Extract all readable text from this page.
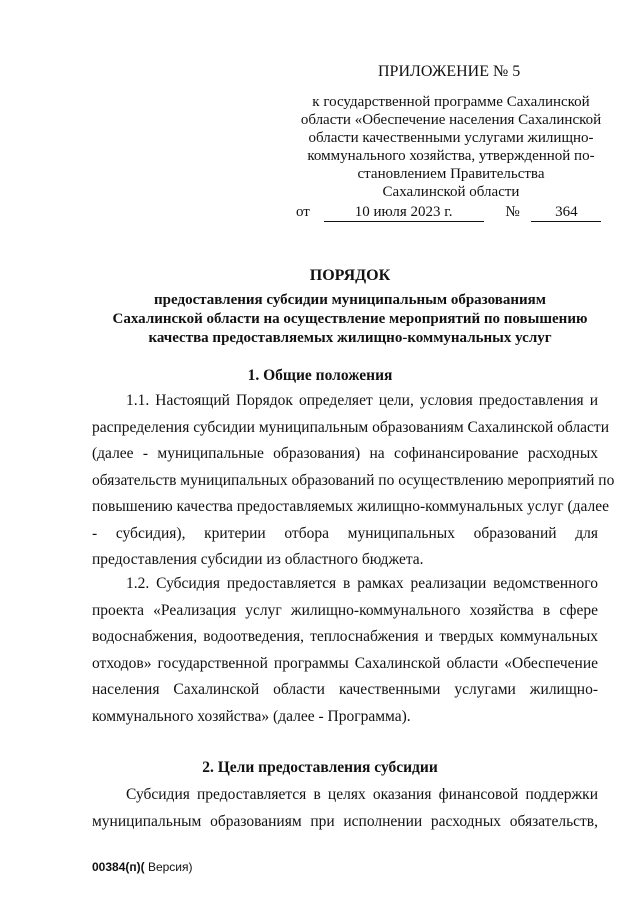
ПРИЛОЖЕНИЕ № 5
к государственной программе Сахалинской
области «Обеспечение населения Сахалинской
области качественными услугами жилищно-
коммунального хозяйства, утвержденной по-
становлением Правительства
Сахалинской области
от	10 июля 2023 г.	№ 364
ПОРЯДОК
предоставления субсидии муниципальным образованиям
Сахалинской области на осуществление мероприятий по повышению
качества предоставляемых жилищно-коммунальных услуг
1. Общие положения
1.1. Настоящий Порядок определяет цели, условия предоставления и
распределения субсидии муниципальным образованиям Сахалинской области
(далее - муниципальные образования) на софинансирование расходных
обязательств муниципальных образований по осуществлению мероприятий по
повышению качества предоставляемых жилищно-коммунальных услуг (далее
- субсидия), критерии отбора муниципальных образований для
предоставления субсидии из областного бюджета.
1.2. Субсидия предоставляется в рамках реализации ведомственного
проекта «Реализация услуг жилищно-коммунального хозяйства в сфере
водоснабжения, водоотведения, теплоснабжения и твердых коммунальных
отходов» государственной программы Сахалинской области «Обеспечение
населения Сахалинской области качественными услугами жилищно-
коммунального хозяйства» (далее - Программа).
2. Цели предоставления субсидии
Субсидия предоставляется в целях оказания финансовой поддержки
муниципальным образованиям при исполнении расходных обязательств,
00384(п)( Версия)
